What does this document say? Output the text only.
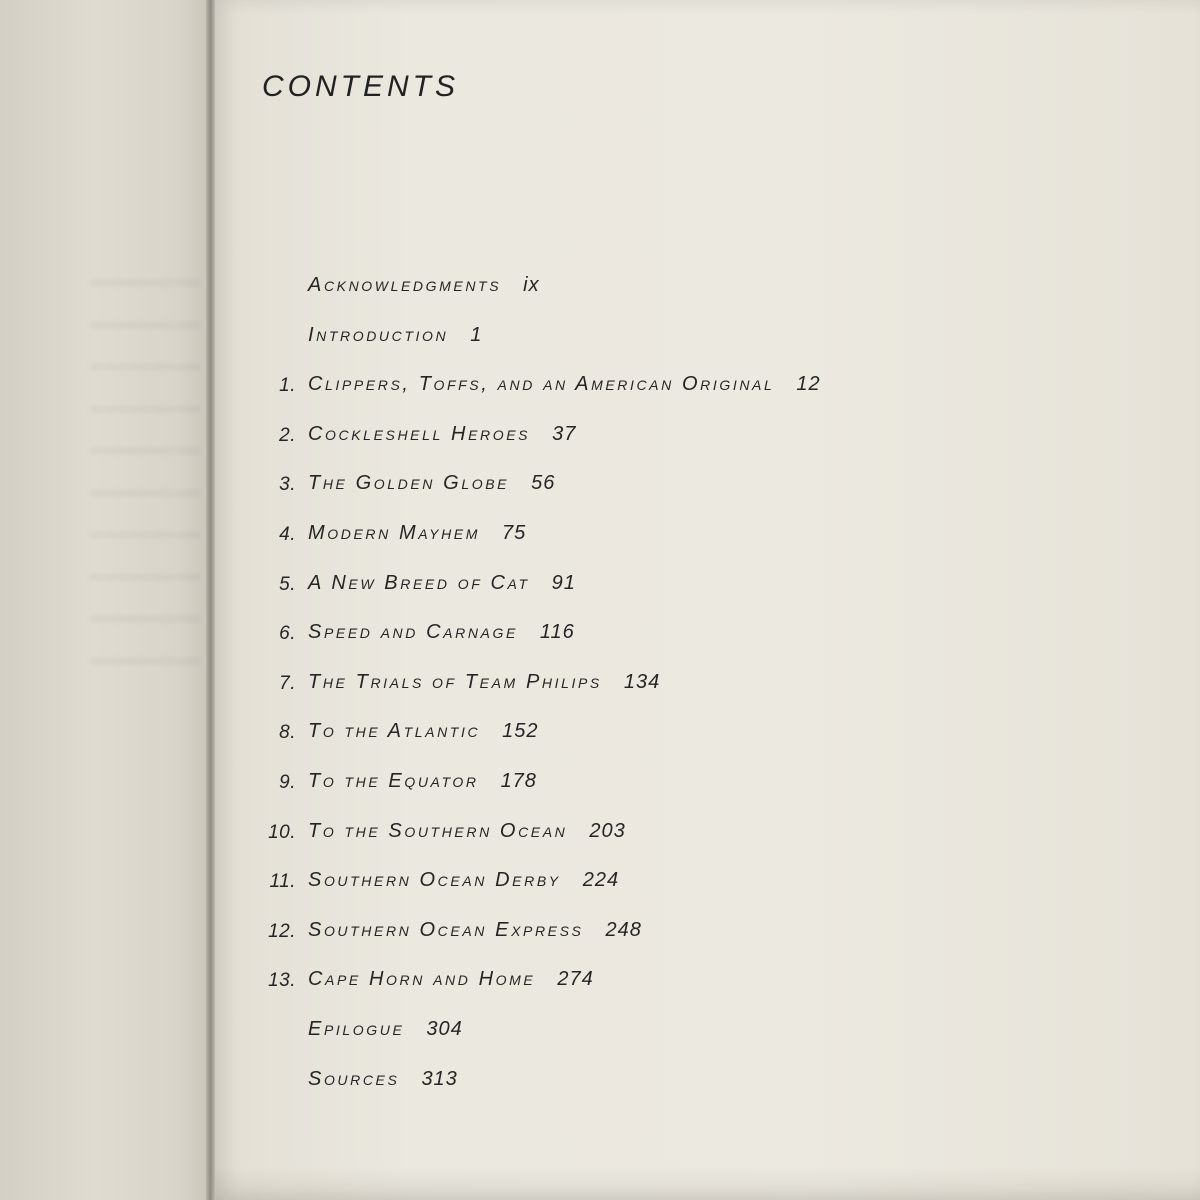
CONTENTS
Acknowledgments ix
Introduction 1
1. Clippers, Toffs, and an American Original 12
2. Cockleshell Heroes 37
3. The Golden Globe 56
4. Modern Mayhem 75
5. A New Breed of Cat 91
6. Speed and Carnage 116
7. The Trials of Team Philips 134
8. To the Atlantic 152
9. To the Equator 178
10. To the Southern Ocean 203
11. Southern Ocean Derby 224
12. Southern Ocean Express 248
13. Cape Horn and Home 274
Epilogue 304
Sources 313
